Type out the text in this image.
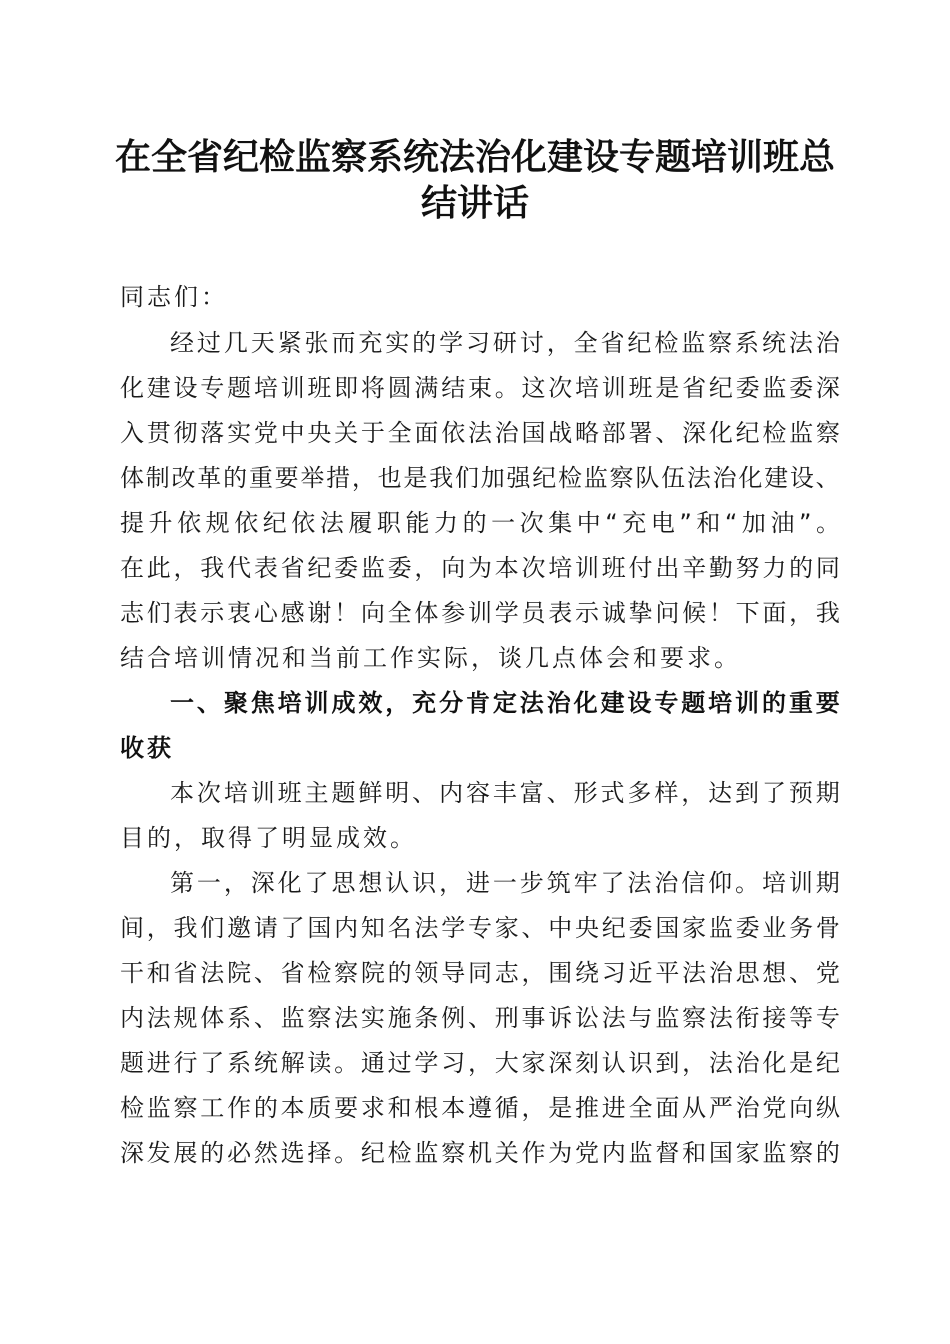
在全省纪检监察系统法治化建设专题培训班总
结讲话

同志们：

经 过 几 天 紧 张 而 充 实 的 学 习 研 讨 ， 全 省 纪 检 监 察 系 统 法 治

化 建 设 专 题 培 训 班 即 将 圆 满 结 束 。 这 次 培 训 班 是 省 纪 委 监 委 深

入 贯 彻 落 实 党 中 央 关 于 全 面 依 法 治 国 战 略 部 署 、 深 化 纪 检 监 察

体 制 改 革 的 重 要 举 措 ， 也 是 我 们 加 强 纪 检 监 察 队 伍 法 治 化 建 设 、

提 升 依 规 依 纪 依 法 履 职 能 力 的 一 次 集 中 “ 充 电 ” 和 “ 加 油 ” 。

在 此 ， 我 代 表 省 纪 委 监 委 ， 向 为 本 次 培 训 班 付 出 辛 勤 努 力 的 同

志 们 表 示 衷 心 感 谢 ！ 向 全 体 参 训 学 员 表 示 诚 挚 问 候 ！ 下 面 ， 我

结合培训情况和当前工作实际，谈几点体会和要求。

一 、 聚 焦 培 训 成 效 ， 充 分 肯 定 法 治 化 建 设 专 题 培 训 的 重 要

收获

本 次 培 训 班 主 题 鲜 明 、 内 容 丰 富 、 形 式 多 样 ， 达 到 了 预 期

目的，取得了明显成效。

第 一 ， 深 化 了 思 想 认 识 ， 进 一 步 筑 牢 了 法 治 信 仰 。 培 训 期

间 ， 我 们 邀 请 了 国 内 知 名 法 学 专 家 、 中 央 纪 委 国 家 监 委 业 务 骨

干 和 省 法 院 、 省 检 察 院 的 领 导 同 志 ， 围 绕 习 近 平 法 治 思 想 、 党

内 法 规 体 系 、 监 察 法 实 施 条 例 、 刑 事 诉 讼 法 与 监 察 法 衔 接 等 专

题 进 行 了 系 统 解 读 。 通 过 学 习 ， 大 家 深 刻 认 识 到 ， 法 治 化 是 纪

检 监 察 工 作 的 本 质 要 求 和 根 本 遵 循 ， 是 推 进 全 面 从 严 治 党 向 纵

深 发 展 的 必 然 选 择 。 纪 检 监 察 机 关 作 为 党 内 监 督 和 国 家 监 察 的
